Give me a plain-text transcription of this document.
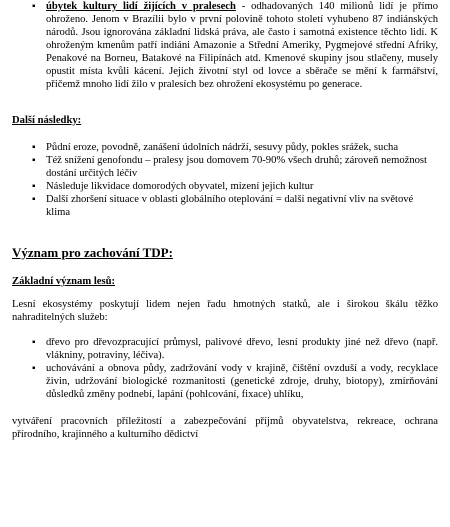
▪ úbytek kultury lidí žijících v pralesech - odhadovaných 140 milionů lidí je přímo ohroženo. Jenom v Brazílii bylo v první polovině tohoto století vyhubeno 87 indiánských národů. Jsou ignorována základní lidská práva, ale často i samotná existence těchto lidí. K ohroženým kmenům patří indiáni Amazonie a Střední Ameriky, Pygmejové střední Afriky, Penakové na Borneu, Batakové na Filipínách atd. Kmenové skupiny jsou stlačeny, musely opustit místa kvůli kácení. Jejich životní styl od lovce a sběrače se mění k farmářství, přičemž mnoho lidí žilo v pralesích bez ohrožení ekosystému po generace.

Další následky:

▪ Půdní eroze, povodně, zanášení údolních nádrží, sesuvy půdy, pokles srážek, sucha
▪ Též snížení genofondu – pralesy jsou domovem 70-90% všech druhů; zároveň nemožnost dostání určitých léčiv
▪ Následuje likvidace domorodých obyvatel, mizení jejich kultur
▪ Další zhoršení situace v oblasti globálního oteplování = další negativní vliv na světové klima

Význam pro zachování TDP:

Základní význam lesů:

Lesní ekosystémy poskytují lidem nejen řadu hmotných statků, ale i širokou škálu těžko nahraditelných služeb:

▪ dřevo pro dřevozpracující průmysl, palivové dřevo, lesní produkty jiné než dřevo (např. vlákniny, potraviny, léčiva).
▪ uchovávání a obnova půdy, zadržování vody v krajině, čištění ovzduší a vody, recyklace živin, udržování biologické rozmanitosti (genetické zdroje, druhy, biotopy), zmírňování důsledků změny podnebí, lapání (pohlcování, fixace) uhlíku,

vytváření pracovních příležitostí a zabezpečování příjmů obyvatelstva, rekreace, ochrana přírodního, krajinného a kulturního dědictví
